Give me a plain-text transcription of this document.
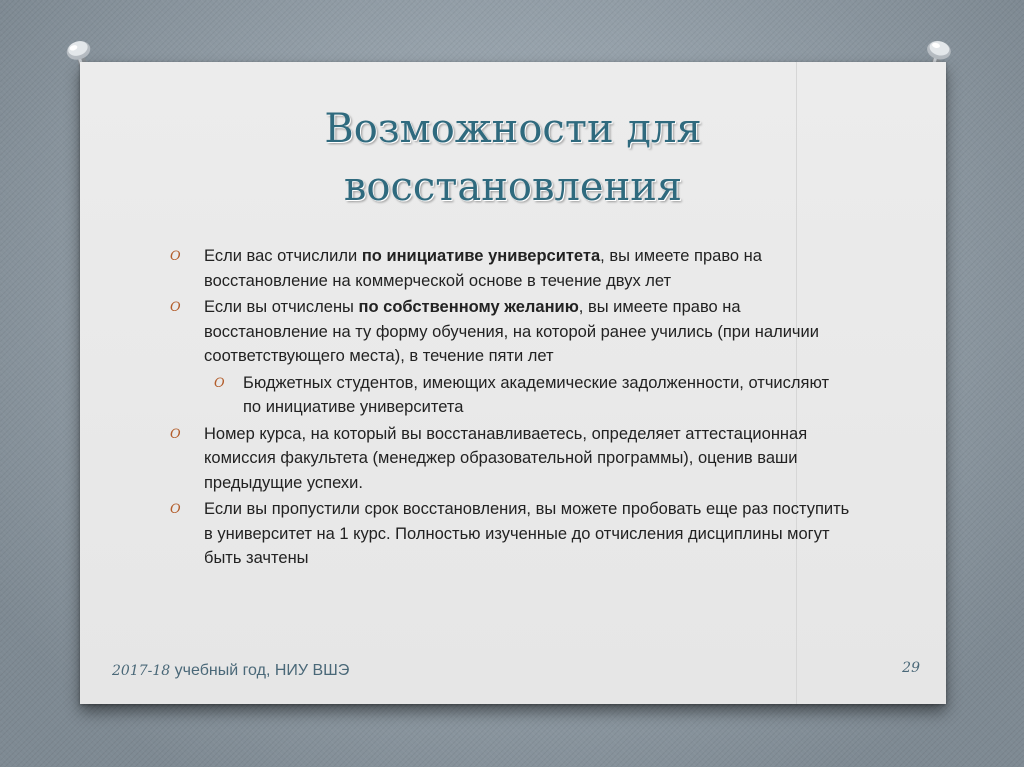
Возможности для
восстановления
O Если вас отчислили по инициативе университета, вы имеете право на восстановление на коммерческой основе в течение двух лет
O Если вы отчислены по собственному желанию, вы имеете право на восстановление на ту форму обучения, на которой ранее учились (при наличии соответствующего места), в течение пяти лет
O Бюджетных студентов, имеющих академические задолженности, отчисляют по инициативе университета
O Номер курса, на который вы восстанавливаетесь, определяет аттестационная комиссия факультета (менеджер образовательной программы), оценив ваши предыдущие успехи.
O Если вы пропустили срок восстановления, вы можете пробовать еще раз поступить в университет на 1 курс. Полностью изученные до отчисления дисциплины могут быть зачтены
2017-18 учебный год, НИУ ВШЭ	29
